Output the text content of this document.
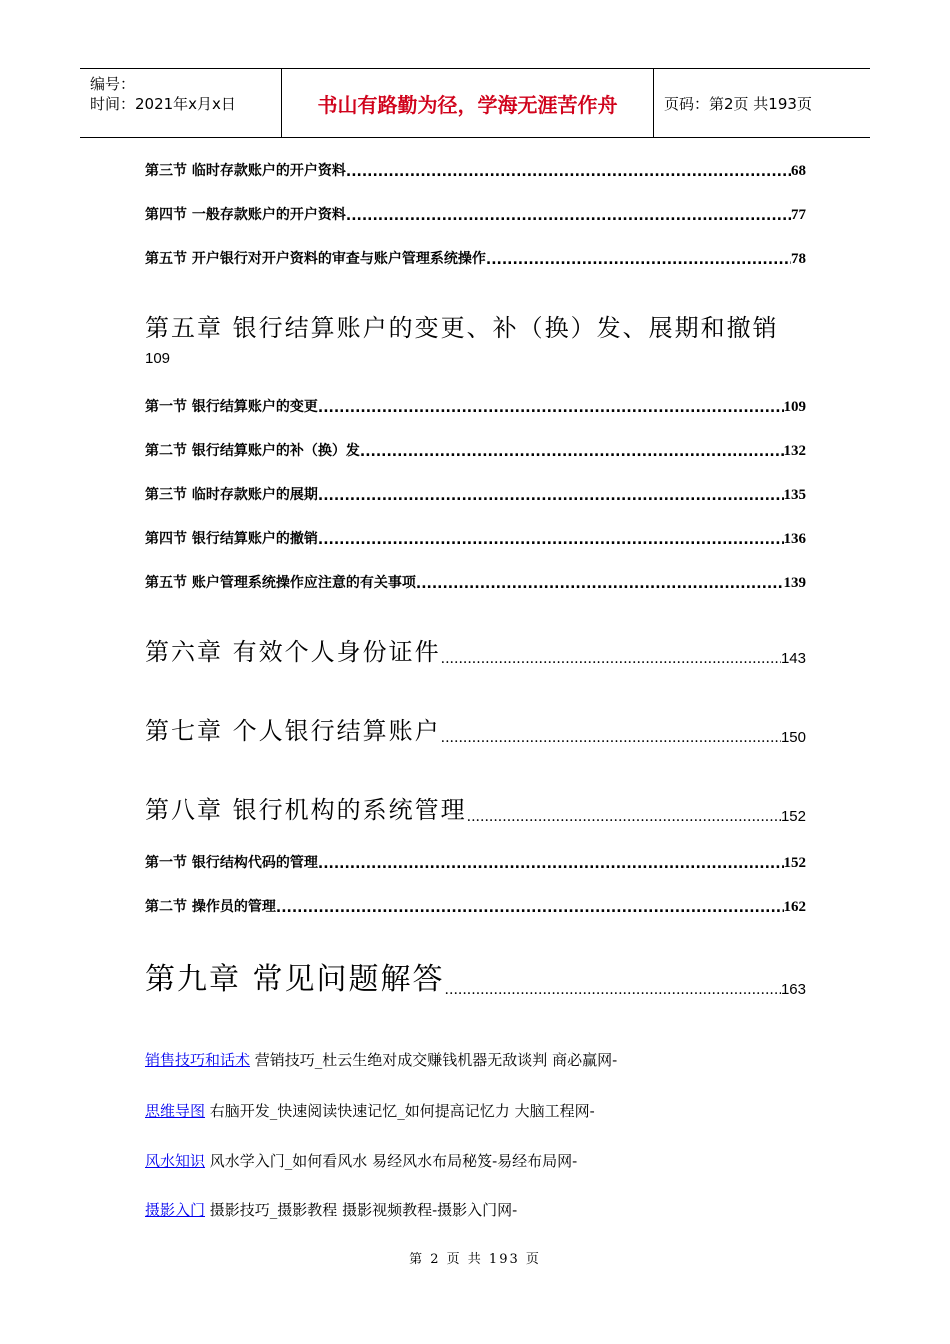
编号：
时间：2021年x月x日	书山有路勤为径，学海无涯苦作舟	页码：第2页 共193页
第三节 临时存款账户的开户资料 .....	68
第四节 一般存款账户的开户资料 .....	77
第五节 开户银行对开户资料的审查与账户管理系统操作 .....	78
第五章 银行结算账户的变更、补（换）发、展期和撤销
109
第一节 银行结算账户的变更 .....	109
第二节 银行结算账户的补（换）发 .....	132
第三节 临时存款账户的展期 .....	135
第四节 银行结算账户的撤销 .....	136
第五节 账户管理系统操作应注意的有关事项 .....	139
第六章 有效个人身份证件 .....	143
第七章 个人银行结算账户 .....	150
第八章 银行机构的系统管理 .....	152
第一节 银行结构代码的管理 .....	152
第二节 操作员的管理 .....	162
第九章 常见问题解答 .....	163
销售技巧和话术 营销技巧_杜云生绝对成交赚钱机器无敌谈判 商必赢网-
思维导图 右脑开发_快速阅读快速记忆_如何提高记忆力 大脑工程网-
风水知识 风水学入门_如何看风水 易经风水布局秘笈-易经布局网-
摄影入门 摄影技巧_摄影教程 摄影视频教程-摄影入门网-
第 2 页 共 193 页
